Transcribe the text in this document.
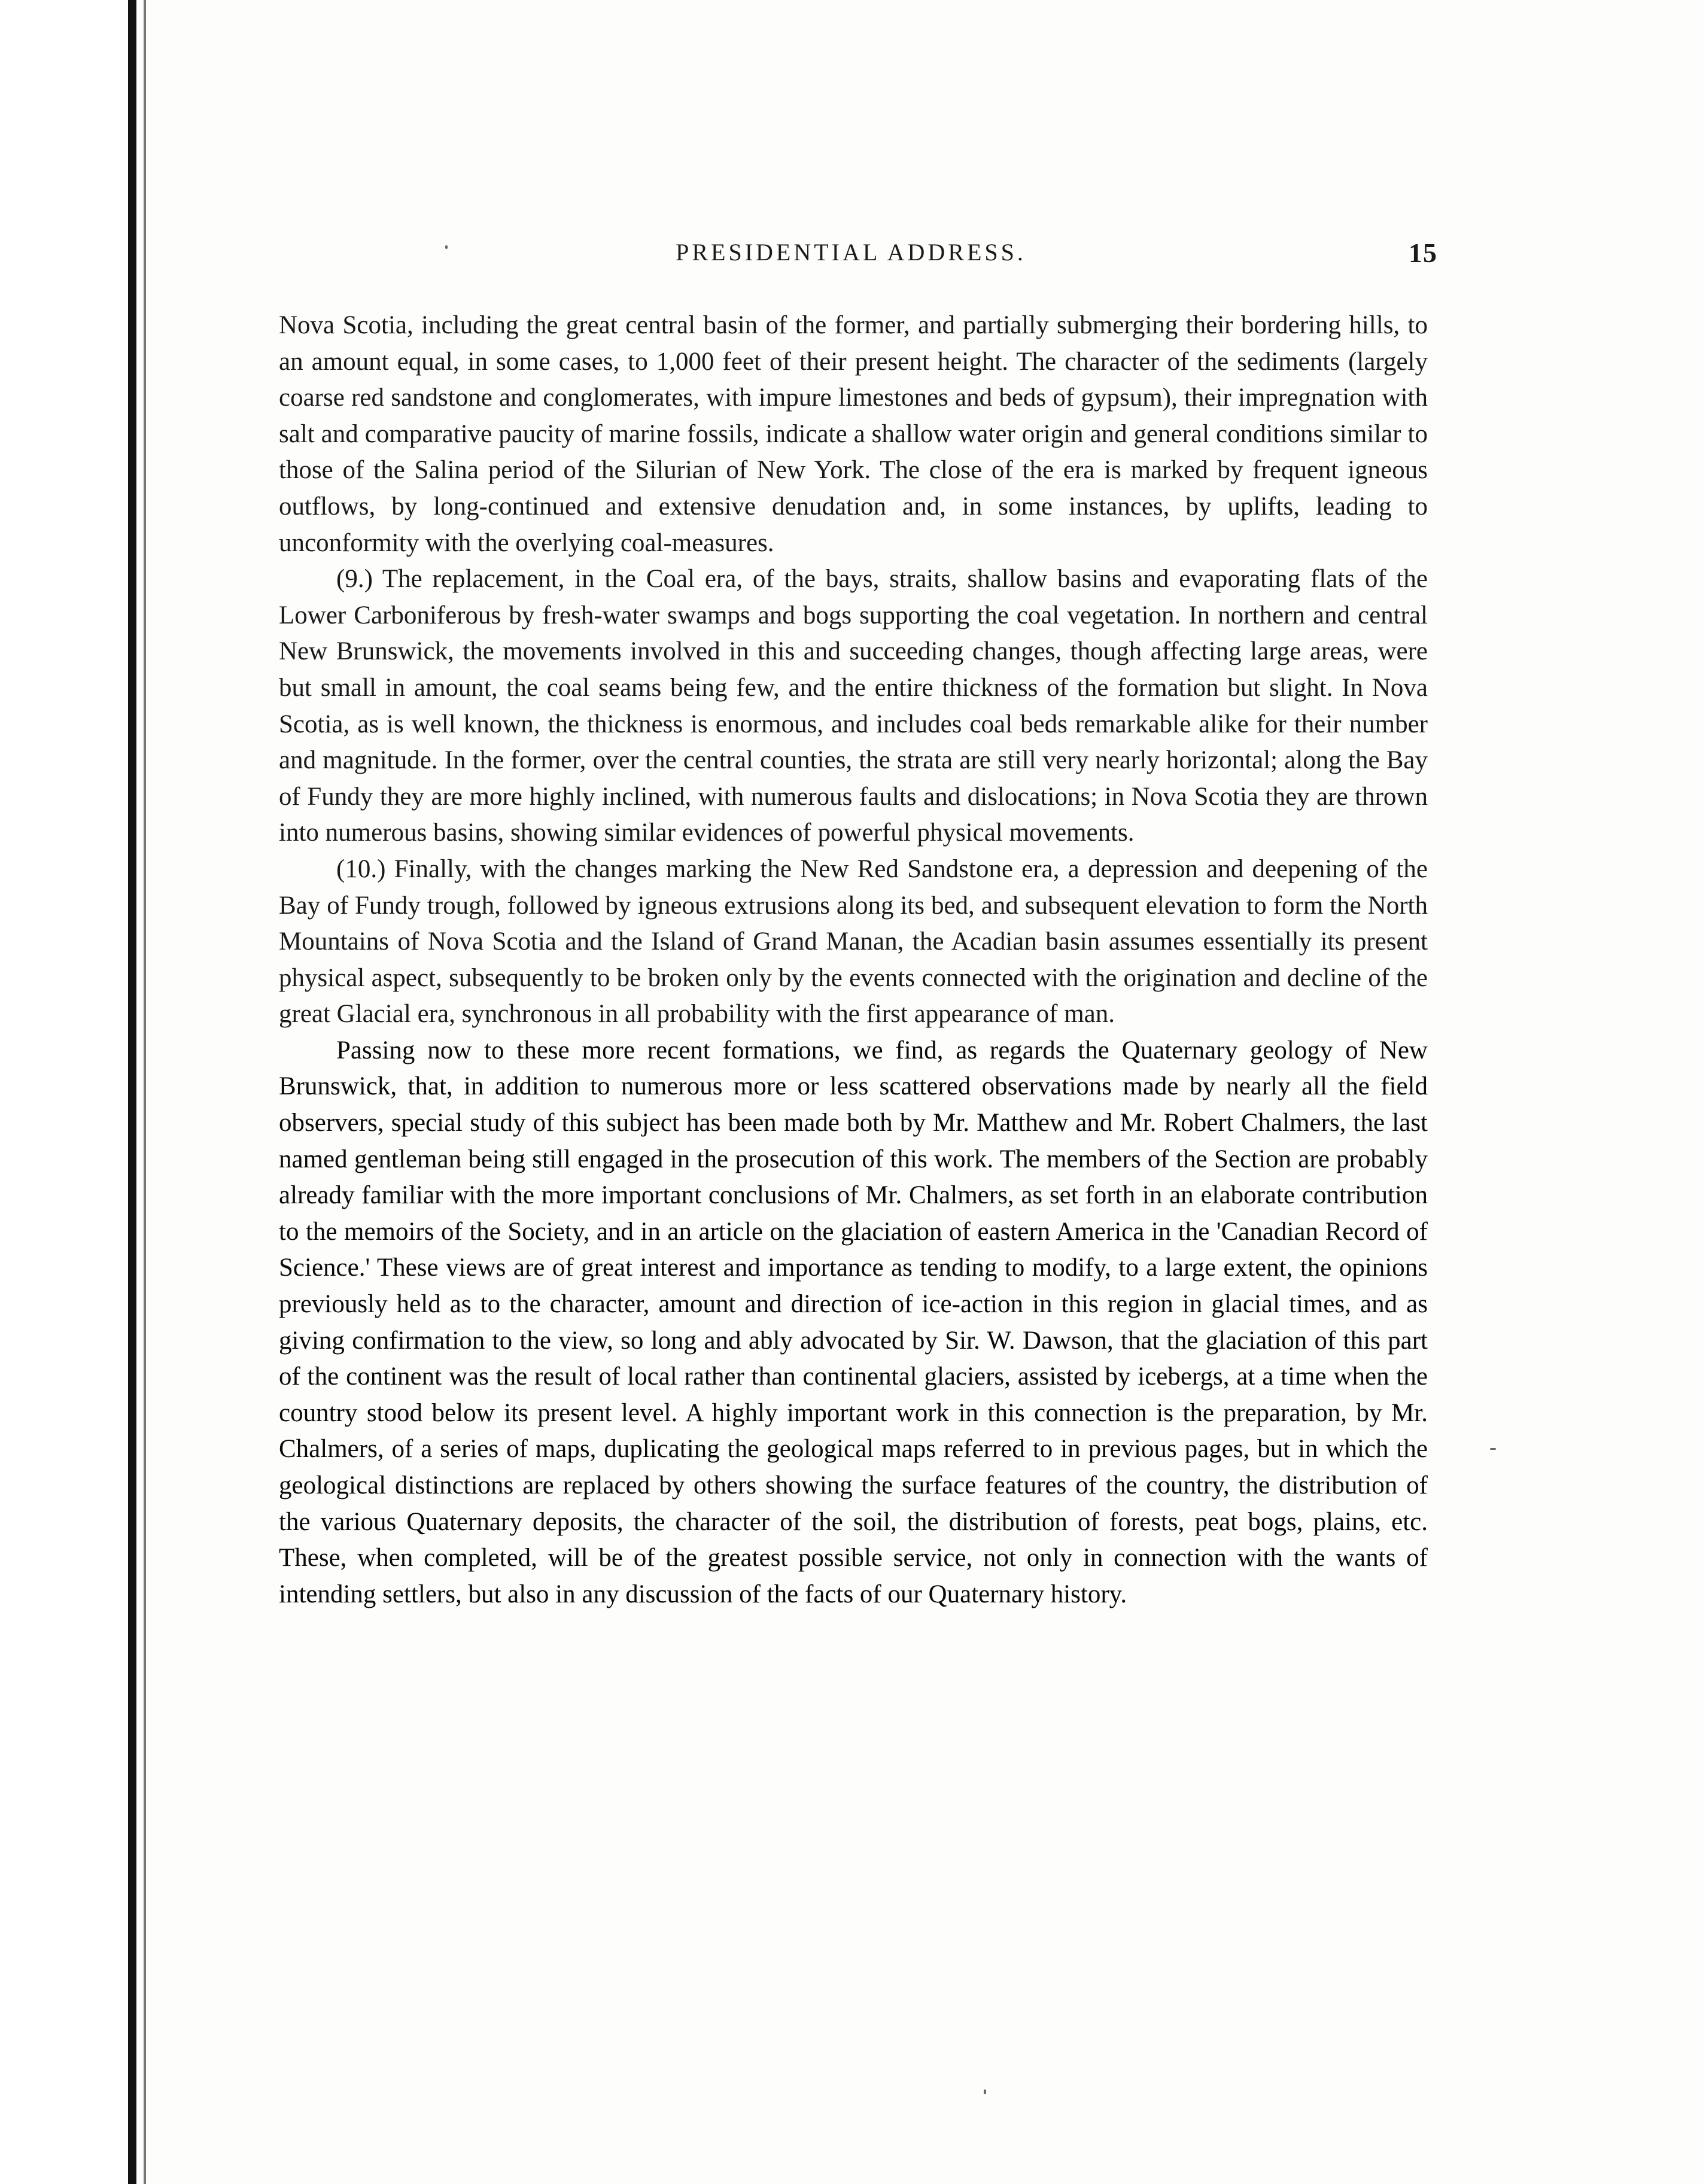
PRESIDENTIAL ADDRESS.	15

Nova Scotia, including the great central basin of the former, and partially submerging their bordering hills, to an amount equal, in some cases, to 1,000 feet of their present height. The character of the sediments (largely coarse red sandstone and conglomerates, with impure limestones and beds of gypsum), their impregnation with salt and comparative paucity of marine fossils, indicate a shallow water origin and general conditions similar to those of the Salina period of the Silurian of New York. The close of the era is marked by frequent igneous outflows, by long-continued and extensive denudation and, in some instances, by uplifts, leading to unconformity with the overlying coal-measures.

(9.) The replacement, in the Coal era, of the bays, straits, shallow basins and evaporating flats of the Lower Carboniferous by fresh-water swamps and bogs supporting the coal vegetation. In northern and central New Brunswick, the movements involved in this and succeeding changes, though affecting large areas, were but small in amount, the coal seams being few, and the entire thickness of the formation but slight. In Nova Scotia, as is well known, the thickness is enormous, and includes coal beds remarkable alike for their number and magnitude. In the former, over the central counties, the strata are still very nearly horizontal; along the Bay of Fundy they are more highly inclined, with numerous faults and dislocations; in Nova Scotia they are thrown into numerous basins, showing similar evidences of powerful physical movements.

(10.) Finally, with the changes marking the New Red Sandstone era, a depression and deepening of the Bay of Fundy trough, followed by igneous extrusions along its bed, and subsequent elevation to form the North Mountains of Nova Scotia and the Island of Grand Manan, the Acadian basin assumes essentially its present physical aspect, subsequently to be broken only by the events connected with the origination and decline of the great Glacial era, synchronous in all probability with the first appearance of man.

Passing now to these more recent formations, we find, as regards the Quaternary geology of New Brunswick, that, in addition to numerous more or less scattered observations made by nearly all the field observers, special study of this subject has been made both by Mr. Matthew and Mr. Robert Chalmers, the last named gentleman being still engaged in the prosecution of this work. The members of the Section are probably already familiar with the more important conclusions of Mr. Chalmers, as set forth in an elaborate contribution to the memoirs of the Society, and in an article on the glaciation of eastern America in the 'Canadian Record of Science.' These views are of great interest and importance as tending to modify, to a large extent, the opinions previously held as to the character, amount and direction of ice-action in this region in glacial times, and as giving confirmation to the view, so long and ably advocated by Sir. W. Dawson, that the glaciation of this part of the continent was the result of local rather than continental glaciers, assisted by icebergs, at a time when the country stood below its present level. A highly important work in this connection is the preparation, by Mr. Chalmers, of a series of maps, duplicating the geological maps referred to in previous pages, but in which the geological distinctions are replaced by others showing the surface features of the country, the distribution of the various Quaternary deposits, the character of the soil, the distribution of forests, peat bogs, plains, etc. These, when completed, will be of the greatest possible service, not only in connection with the wants of intending settlers, but also in any discussion of the facts of our Quaternary history.
